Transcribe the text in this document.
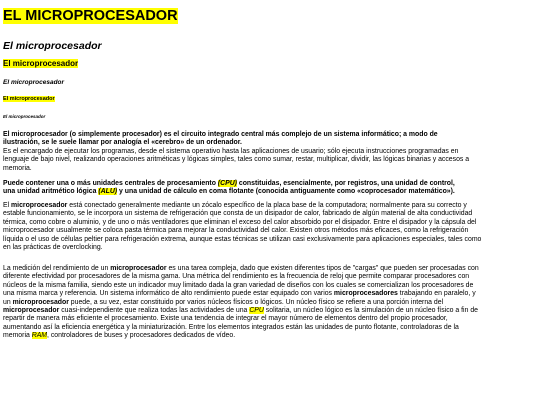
EL MICROPROCESADOR
El microprocesador
El microprocesador
El microprocesador
El microprocesador
El microprocesador
El microprocesador (o simplemente procesador) es el circuito integrado central más complejo de un sistema informático; a modo de
ilustración, se le suele llamar por analogía el «cerebro» de un ordenador.
Es el encargado de ejecutar los programas, desde el sistema operativo hasta las aplicaciones de usuario; sólo ejecuta instrucciones programadas en
lenguaje de bajo nivel, realizando operaciones aritméticas y lógicas simples, tales como sumar, restar, multiplicar, dividir, las lógicas binarias y accesos a
memoria.
Puede contener una o más unidades centrales de procesamiento (CPU) constituidas, esencialmente, por registros, una unidad de control,
una unidad aritmético lógica (ALU) y una unidad de cálculo en coma flotante (conocida antiguamente como «coprocesador matemático»).
El microprocesador está conectado generalmente mediante un zócalo específico de la placa base de la computadora; normalmente para su correcto y
estable funcionamiento, se le incorpora un sistema de refrigeración que consta de un disipador de calor, fabricado de algún material de alta conductividad
térmica, como cobre o aluminio, y de uno o más ventiladores que eliminan el exceso del calor absorbido por el disipador. Entre el disipador y la cápsula del
microprocesador usualmente se coloca pasta térmica para mejorar la conductividad del calor. Existen otros métodos más eficaces, como la refrigeración
líquida o el uso de células peltier para refrigeración extrema, aunque estas técnicas se utilizan casi exclusivamente para aplicaciones especiales, tales como
en las prácticas de overclocking.
La medición del rendimiento de un microprocesador es una tarea compleja, dado que existen diferentes tipos de "cargas" que pueden ser procesadas con
diferente efectividad por procesadores de la misma gama. Una métrica del rendimiento es la frecuencia de reloj que permite comparar procesadores con
núcleos de la misma familia, siendo este un indicador muy limitado dada la gran variedad de diseños con los cuales se comercializan los procesadores de
una misma marca y referencia. Un sistema informático de alto rendimiento puede estar equipado con varios microprocesadores trabajando en paralelo, y
un microprocesador puede, a su vez, estar constituido por varios núcleos físicos o lógicos. Un núcleo físico se refiere a una porción interna del
microprocesador cuasi-independiente que realiza todas las actividades de una CPU solitaria, un núcleo lógico es la simulación de un núcleo físico a fin de
repartir de manera más eficiente el procesamiento. Existe una tendencia de integrar el mayor número de elementos dentro del propio procesador,
aumentando así la eficiencia energética y la miniaturización. Entre los elementos integrados están las unidades de punto flotante, controladoras de la
memoria RAM, controladores de buses y procesadores dedicados de vídeo.
